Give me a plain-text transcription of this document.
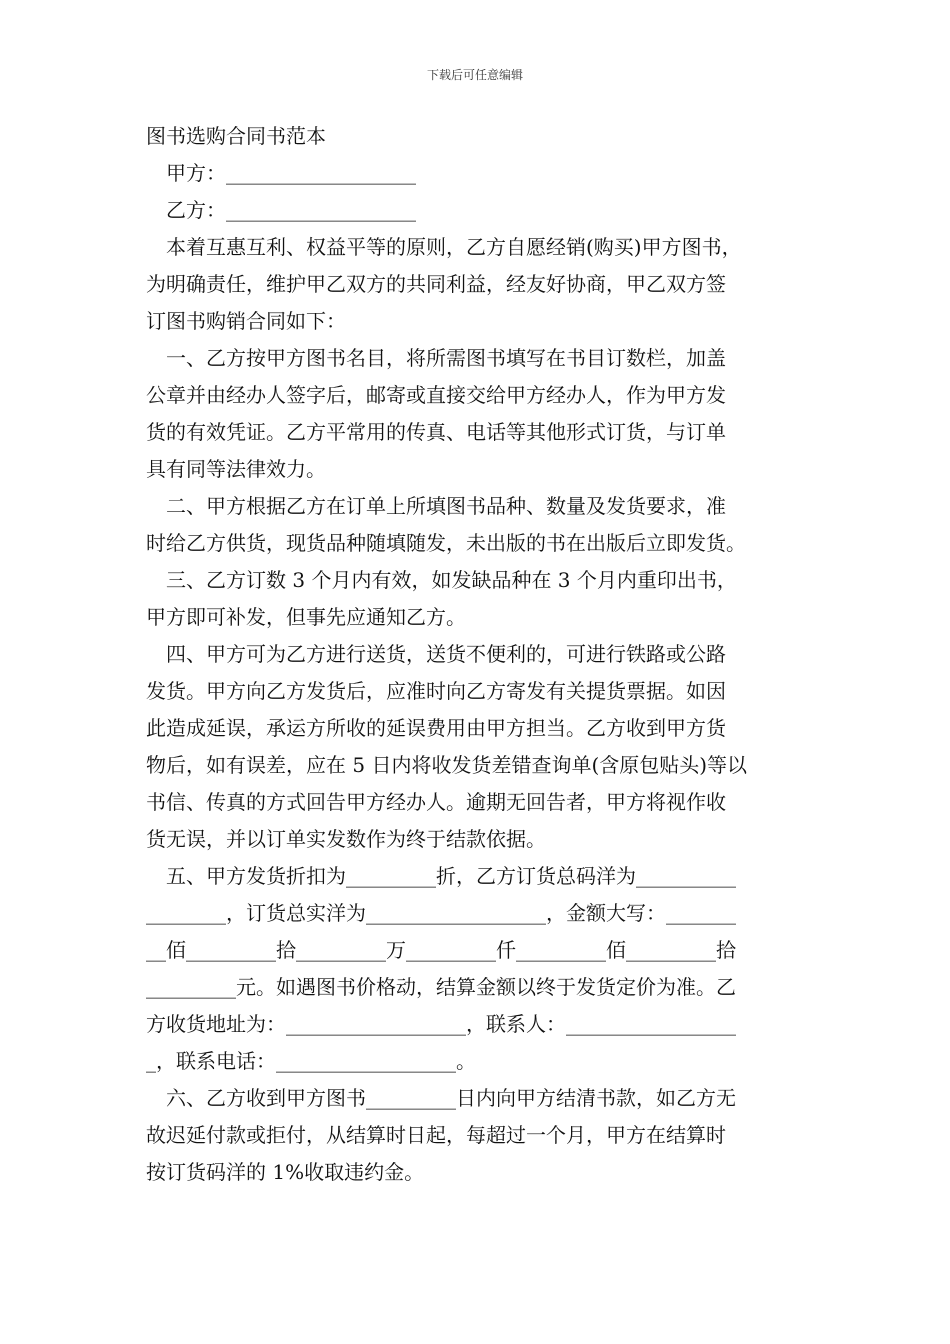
下载后可任意编辑
图书选购合同书范本
甲方：___________________
乙方：___________________
本着互惠互利、权益平等的原则，乙方自愿经销(购买)甲方图书，
为明确责任，维护甲乙双方的共同利益，经友好协商，甲乙双方签
订图书购销合同如下：
一、乙方按甲方图书名目，将所需图书填写在书目订数栏，加盖
公章并由经办人签字后，邮寄或直接交给甲方经办人，作为甲方发
货的有效凭证。乙方平常用的传真、电话等其他形式订货，与订单
具有同等法律效力。
二、甲方根据乙方在订单上所填图书品种、数量及发货要求，准
时给乙方供货，现货品种随填随发，未出版的书在出版后立即发货。
三、乙方订数 3 个月内有效，如发缺品种在 3 个月内重印出书，
甲方即可补发，但事先应通知乙方。
四、甲方可为乙方进行送货，送货不便利的，可进行铁路或公路
发货。甲方向乙方发货后，应准时向乙方寄发有关提货票据。如因
此造成延误，承运方所收的延误费用由甲方担当。乙方收到甲方货
物后，如有误差，应在 5 日内将收发货差错查询单(含原包贴头)等以
书信、传真的方式回告甲方经办人。逾期无回告者，甲方将视作收
货无误，并以订单实发数作为终于结款依据。
五、甲方发货折扣为_________折，乙方订货总码洋为__________
________，订货总实洋为__________________，金额大写：_______
__佰_________拾_________万_________仟_________佰_________拾
_________元。如遇图书价格动，结算金额以终于发货定价为准。乙
方收货地址为：__________________，联系人：_________________
_，联系电话：__________________。
六、乙方收到甲方图书_________日内向甲方结清书款，如乙方无
故迟延付款或拒付，从结算时日起，每超过一个月，甲方在结算时
按订货码洋的 1%收取违约金。
